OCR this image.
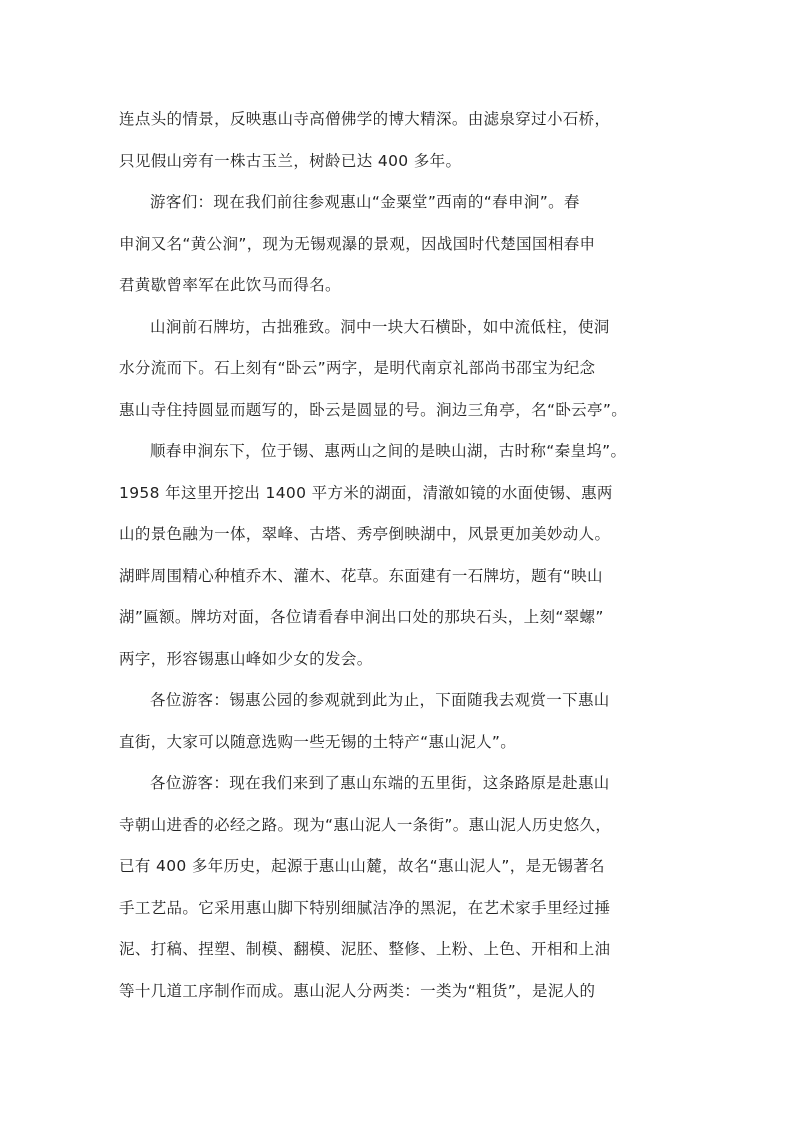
连点头的情景，反映惠山寺高僧佛学的博大精深。由滤泉穿过小石桥，
只见假山旁有一株古玉兰，树龄已达 400 多年。
游客们：现在我们前往参观惠山“金粟堂”西南的“春申涧”。春
申涧又名“黄公涧”，现为无锡观瀑的景观，因战国时代楚国国相春申
君黄歇曾率军在此饮马而得名。
山涧前石牌坊，古拙雅致。洞中一块大石横卧，如中流低柱，使洞
水分流而下。石上刻有“卧云”两字，是明代南京礼部尚书邵宝为纪念
惠山寺住持圆显而题写的，卧云是圆显的号。涧边三角亭，名“卧云亭”。
顺春申涧东下，位于锡、惠两山之间的是映山湖，古时称“秦皇坞”。
1958 年这里开挖出 1400 平方米的湖面，清澈如镜的水面使锡、惠两
山的景色融为一体，翠峰、古塔、秀亭倒映湖中，风景更加美妙动人。
湖畔周围精心种植乔木、灌木、花草。东面建有一石牌坊，题有“映山
湖”匾额。牌坊对面，各位请看春申涧出口处的那块石头，上刻“翠螺”
两字，形容锡惠山峰如少女的发会。
各位游客：锡惠公园的参观就到此为止，下面随我去观赏一下惠山
直街，大家可以随意选购一些无锡的土特产“惠山泥人”。
各位游客：现在我们来到了惠山东端的五里街，这条路原是赴惠山
寺朝山进香的必经之路。现为“惠山泥人一条街”。惠山泥人历史悠久，
已有 400 多年历史，起源于惠山山麓，故名“惠山泥人”，是无锡著名
手工艺品。它采用惠山脚下特别细腻洁净的黑泥，在艺术家手里经过捶
泥、打稿、捏塑、制模、翻模、泥胚、整修、上粉、上色、开相和上油
等十几道工序制作而成。惠山泥人分两类：一类为“粗货”，是泥人的
